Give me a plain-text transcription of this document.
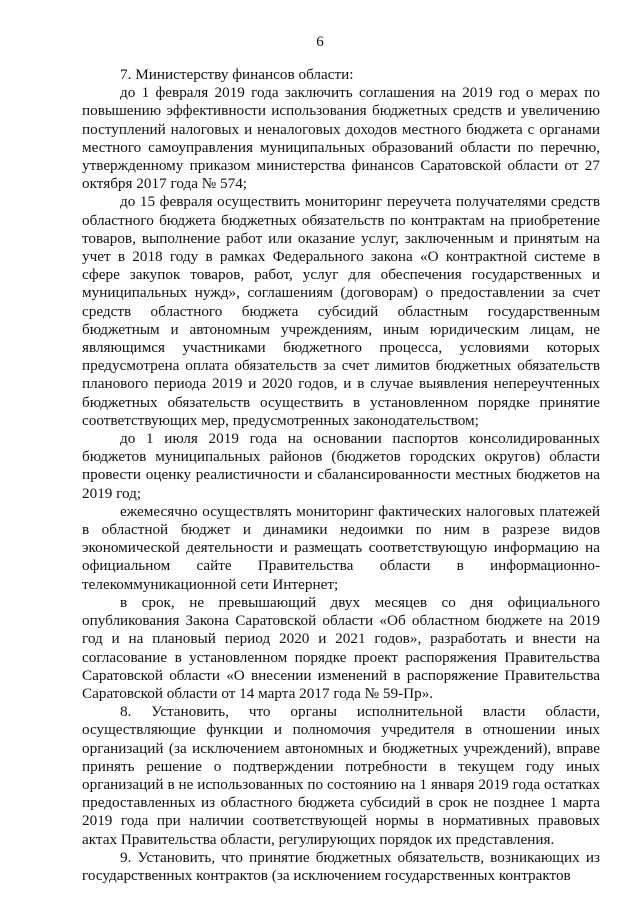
6

7. Министерству финансов области:

до 1 февраля 2019 года заключить соглашения на 2019 год о мерах по повышению эффективности использования бюджетных средств и увеличению поступлений налоговых и неналоговых доходов местного бюджета с органами местного самоуправления муниципальных образований области по перечню, утвержденному приказом министерства финансов Саратовской области от 27 октября 2017 года № 574;

до 15 февраля осуществить мониторинг переучета получателями средств областного бюджета бюджетных обязательств по контрактам на приобретение товаров, выполнение работ или оказание услуг, заключенным и принятым на учет в 2018 году в рамках Федерального закона «О контрактной системе в сфере закупок товаров, работ, услуг для обеспечения государственных и муниципальных нужд», соглашениям (договорам) о предоставлении за счет средств областного бюджета субсидий областным государственным бюджетным и автономным учреждениям, иным юридическим лицам, не являющимся участниками бюджетного процесса, условиями которых предусмотрена оплата обязательств за счет лимитов бюджетных обязательств планового периода 2019 и 2020 годов, и в случае выявления непереучтенных бюджетных обязательств осуществить в установленном порядке принятие соответствующих мер, предусмотренных законодательством;

до 1 июля 2019 года на основании паспортов консолидированных бюджетов муниципальных районов (бюджетов городских округов) области провести оценку реалистичности и сбалансированности местных бюджетов на 2019 год;

ежемесячно осуществлять мониторинг фактических налоговых платежей в областной бюджет и динамики недоимки по ним в разрезе видов экономической деятельности и размещать соответствующую информацию на официальном сайте Правительства области в информационно-телекоммуникационной сети Интернет;

в срок, не превышающий двух месяцев со дня официального опубликования Закона Саратовской области «Об областном бюджете на 2019 год и на плановый период 2020 и 2021 годов», разработать и внести на согласование в установленном порядке проект распоряжения Правительства Саратовской области «О внесении изменений в распоряжение Правительства Саратовской области от 14 марта 2017 года № 59-Пр».

8. Установить, что органы исполнительной власти области, осуществляющие функции и полномочия учредителя в отношении иных организаций (за исключением автономных и бюджетных учреждений), вправе принять решение о подтверждении потребности в текущем году иных организаций в не использованных по состоянию на 1 января 2019 года остатках предоставленных из областного бюджета субсидий в срок не позднее 1 марта 2019 года при наличии соответствующей нормы в нормативных правовых актах Правительства области, регулирующих порядок их представления.

9. Установить, что принятие бюджетных обязательств, возникающих из государственных контрактов (за исключением государственных контрактов
